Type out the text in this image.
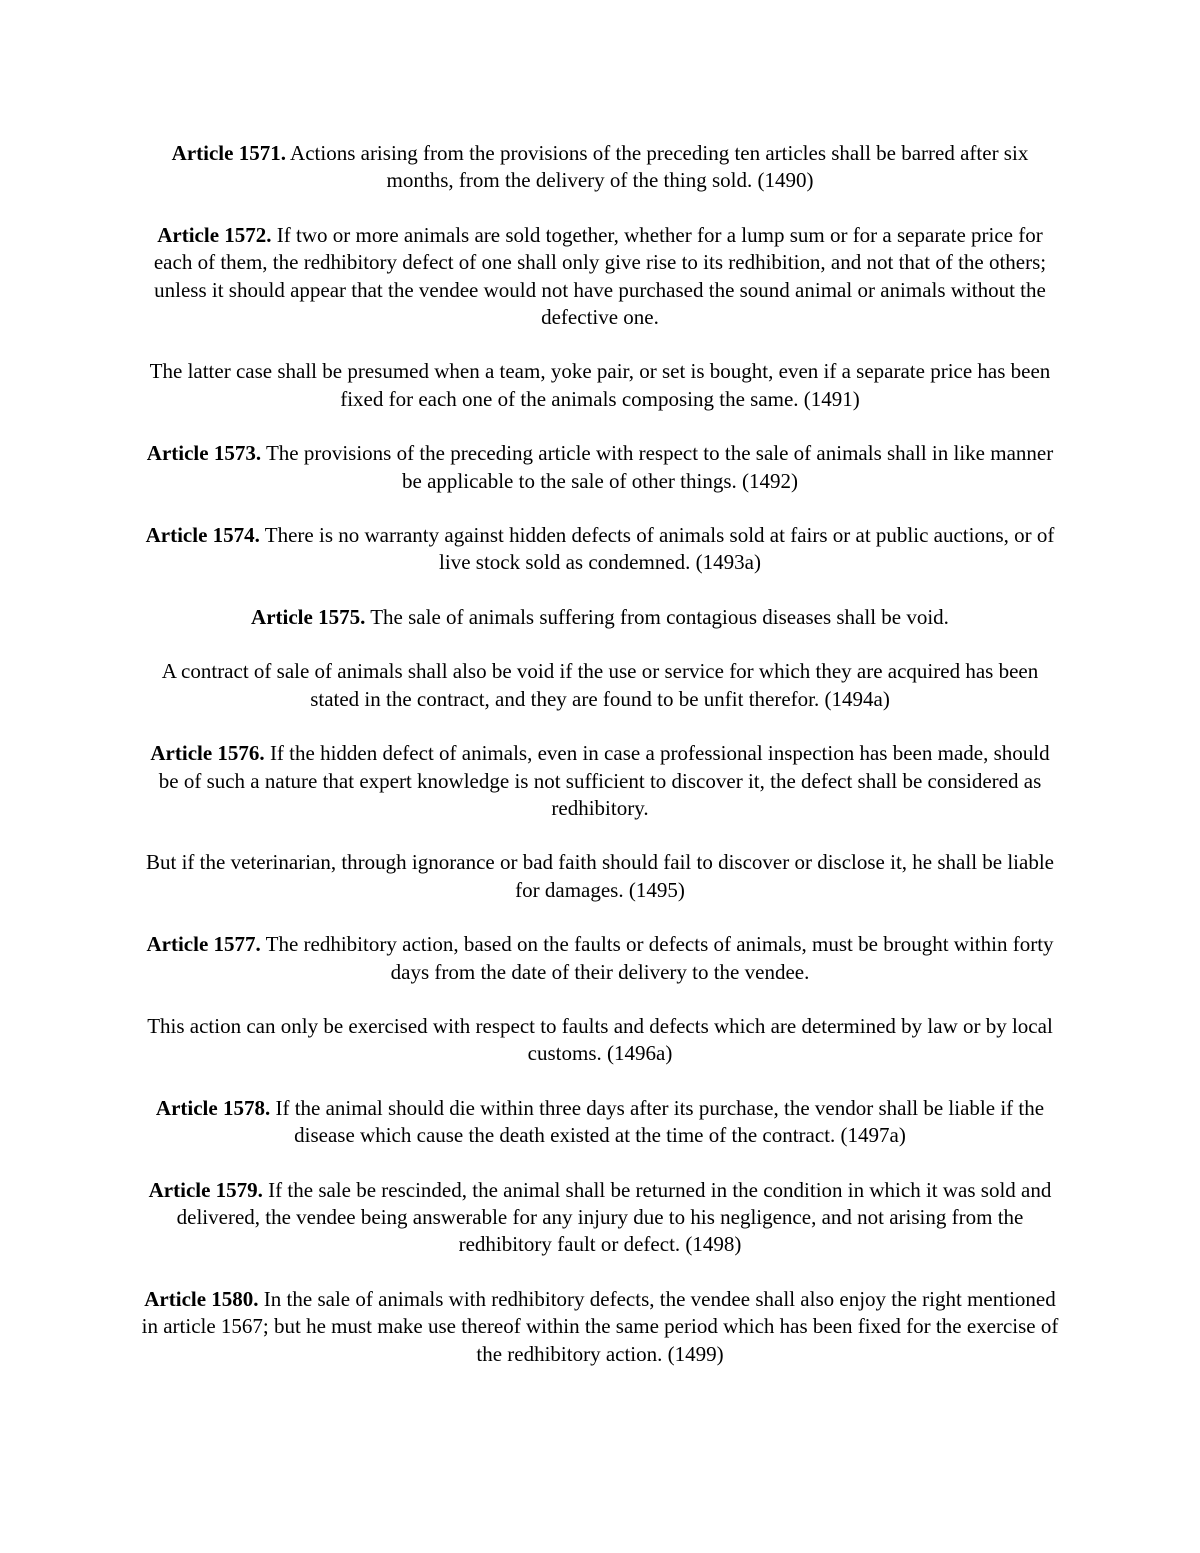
Article 1571. Actions arising from the provisions of the preceding ten articles shall be barred after six months, from the delivery of the thing sold. (1490)

Article 1572. If two or more animals are sold together, whether for a lump sum or for a separate price for each of them, the redhibitory defect of one shall only give rise to its redhibition, and not that of the others; unless it should appear that the vendee would not have purchased the sound animal or animals without the defective one.

The latter case shall be presumed when a team, yoke pair, or set is bought, even if a separate price has been fixed for each one of the animals composing the same. (1491)

Article 1573. The provisions of the preceding article with respect to the sale of animals shall in like manner be applicable to the sale of other things. (1492)

Article 1574. There is no warranty against hidden defects of animals sold at fairs or at public auctions, or of live stock sold as condemned. (1493a)

Article 1575. The sale of animals suffering from contagious diseases shall be void.

A contract of sale of animals shall also be void if the use or service for which they are acquired has been stated in the contract, and they are found to be unfit therefor. (1494a)

Article 1576. If the hidden defect of animals, even in case a professional inspection has been made, should be of such a nature that expert knowledge is not sufficient to discover it, the defect shall be considered as redhibitory.

But if the veterinarian, through ignorance or bad faith should fail to discover or disclose it, he shall be liable for damages. (1495)

Article 1577. The redhibitory action, based on the faults or defects of animals, must be brought within forty days from the date of their delivery to the vendee.

This action can only be exercised with respect to faults and defects which are determined by law or by local customs. (1496a)

Article 1578. If the animal should die within three days after its purchase, the vendor shall be liable if the disease which cause the death existed at the time of the contract. (1497a)

Article 1579. If the sale be rescinded, the animal shall be returned in the condition in which it was sold and delivered, the vendee being answerable for any injury due to his negligence, and not arising from the redhibitory fault or defect. (1498)

Article 1580. In the sale of animals with redhibitory defects, the vendee shall also enjoy the right mentioned in article 1567; but he must make use thereof within the same period which has been fixed for the exercise of the redhibitory action. (1499)
